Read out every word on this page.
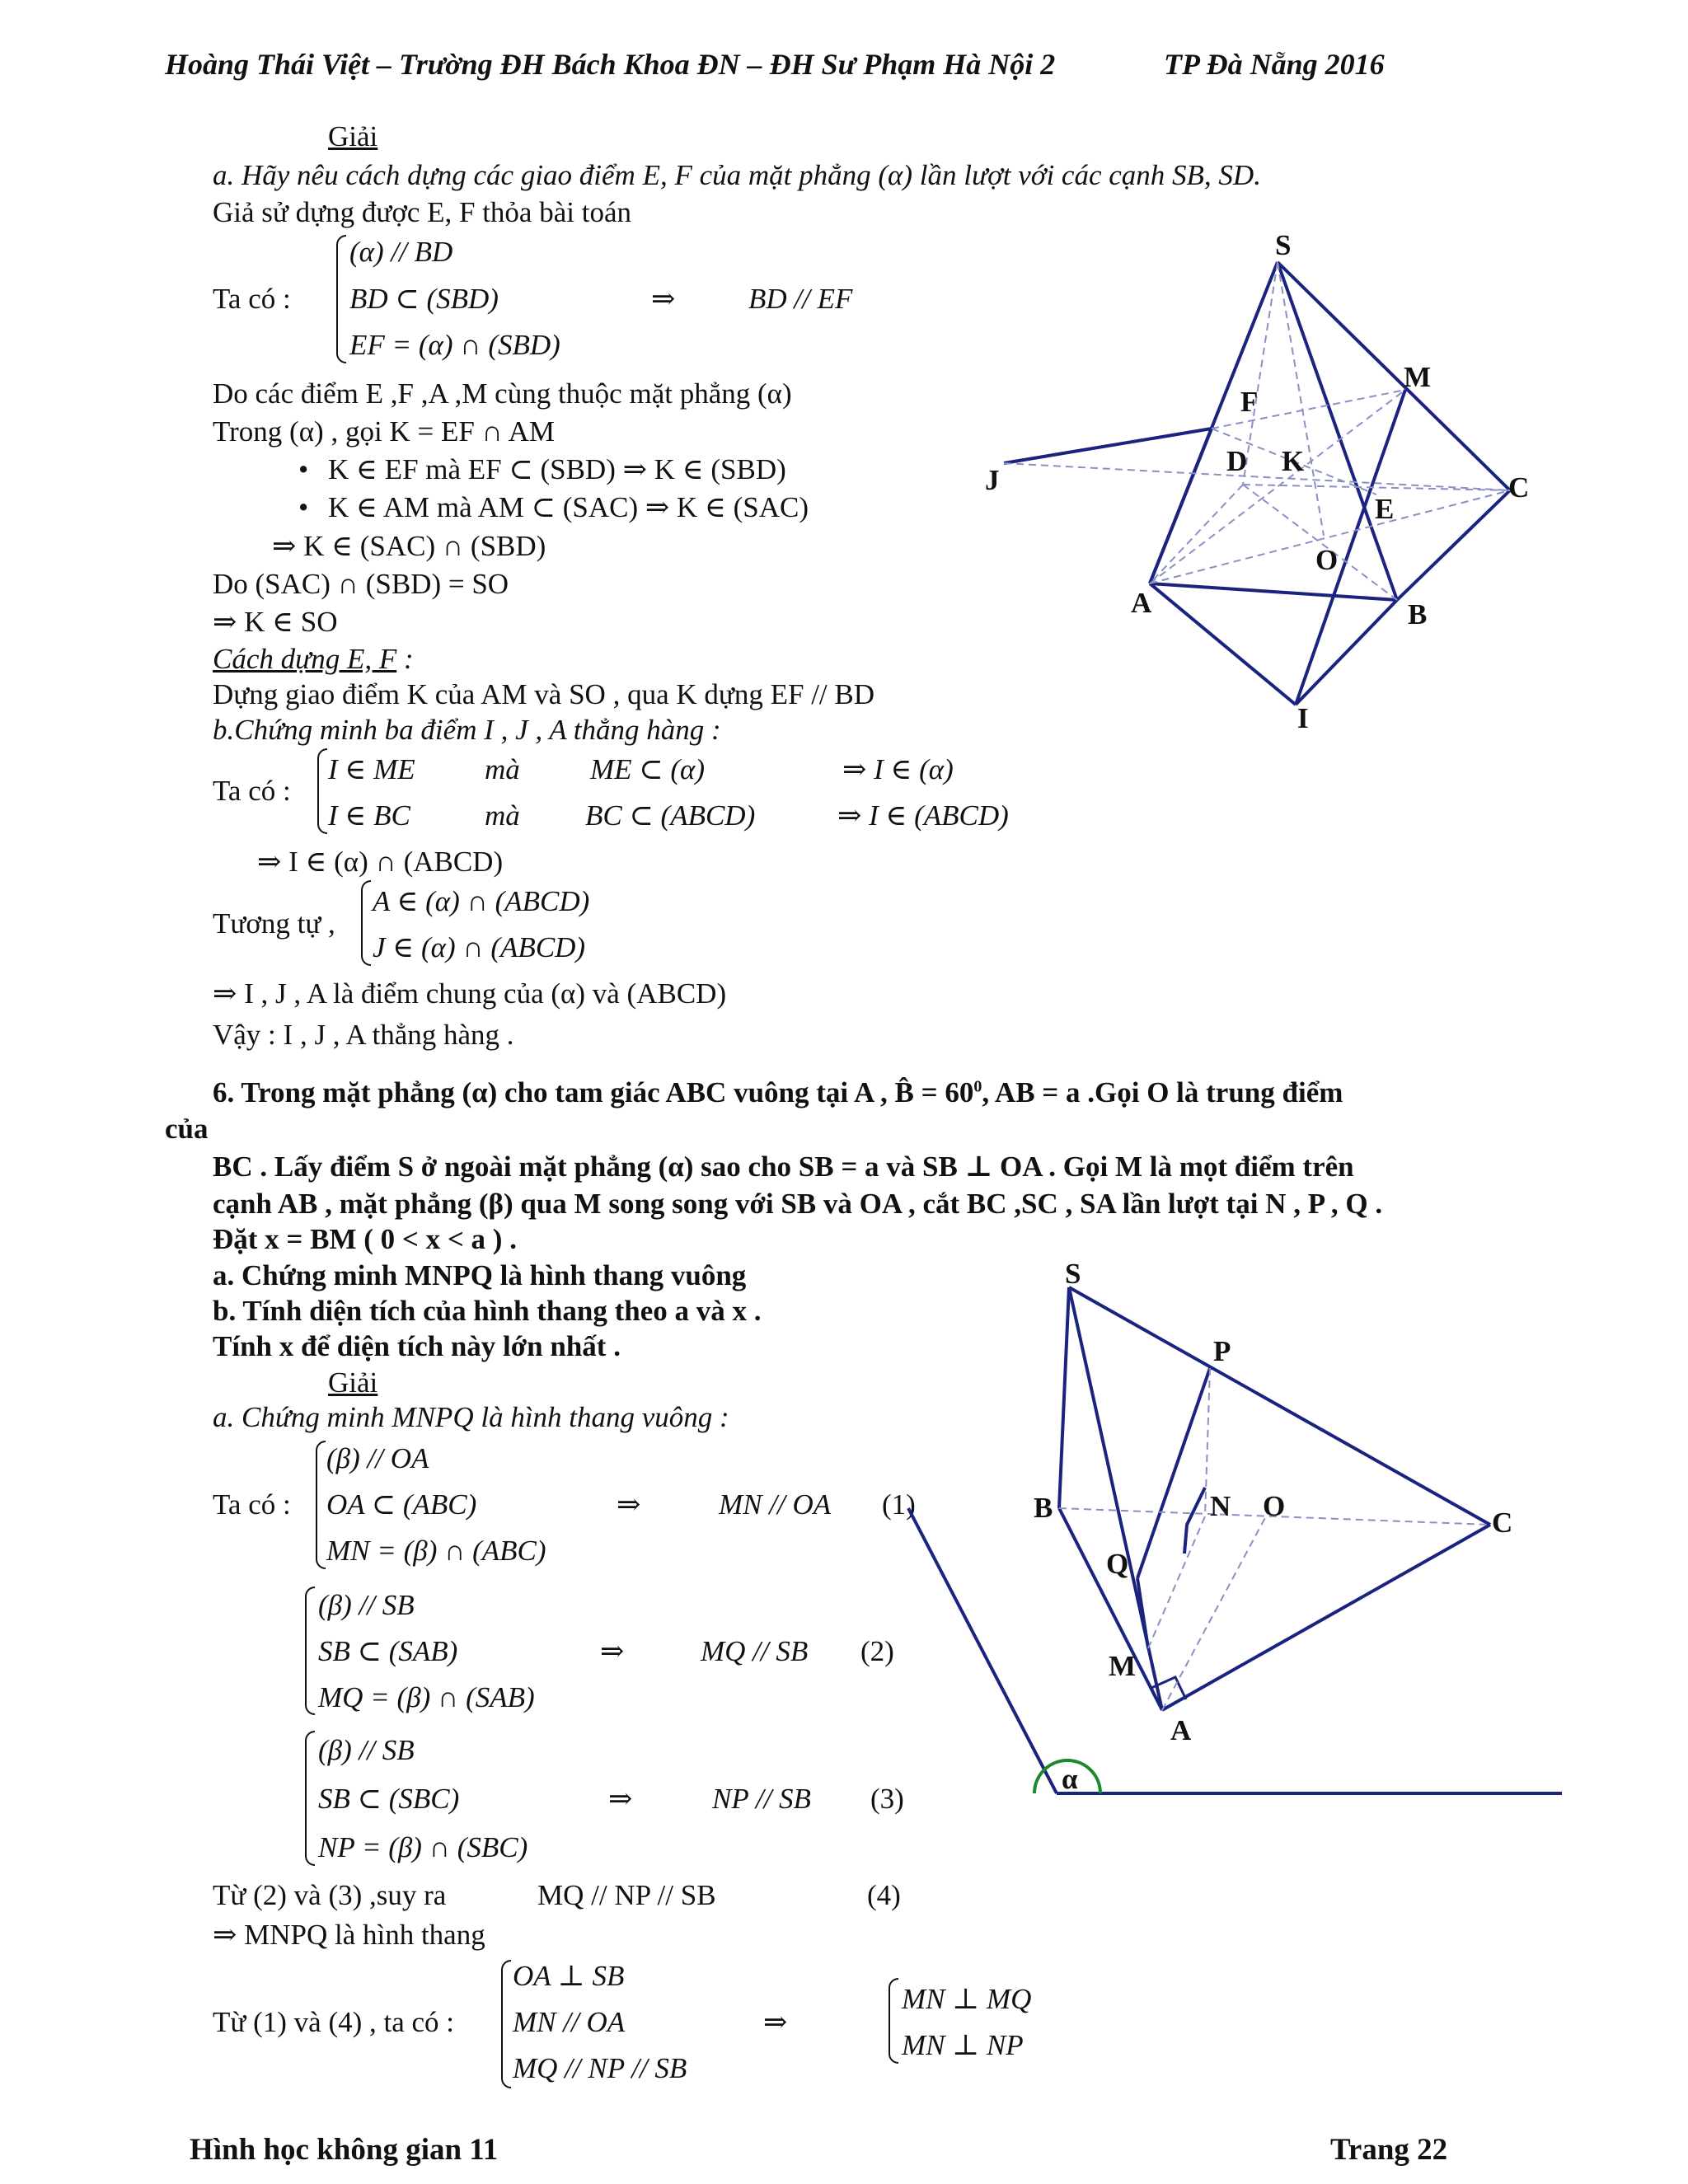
Hoàng Thái Việt – Trường ĐH Bách Khoa ĐN – ĐH Sư Phạm Hà Nội 2	TP Đà Nẵng 2016
Giải
a. Hãy nêu cách dựng các giao điểm E, F của mặt phẳng (α) lần lượt với các cạnh SB, SD.
Giả sử dựng được E, F thỏa bài toán
Ta có :
(α) // BD
BD ⊂ (SBD)
EF = (α) ∩ (SBD)
⇒	BD // EF
Do các điểm E ,F ,A ,M cùng thuộc mặt phẳng (α)
Trong (α) , gọi K = EF ∩ AM
• K ∈ EF mà EF ⊂ (SBD) ⇒ K ∈ (SBD)
• K ∈ AM mà AM ⊂ (SAC) ⇒ K ∈ (SAC)
⇒ K ∈ (SAC) ∩ (SBD)
Do (SAC) ∩ (SBD) = SO
⇒ K ∈ SO
Cách dựng E, F :
Dựng giao điểm K của AM và SO , qua K dựng EF // BD
b.Chứng minh ba điểm I , J , A thẳng hàng :
Ta có :
I ∈ ME mà ME ⊂ (α)	⇒ I ∈ (α)
I ∈ BC	mà BC ⊂ (ABCD)	⇒ I ∈ (ABCD)
⇒ I ∈ (α) ∩ (ABCD)
Tương tự ,
A ∈ (α) ∩ (ABCD)
J ∈ (α) ∩ (ABCD)
⇒ I , J , A là điểm chung của (α) và (ABCD)
Vậy : I , J , A thẳng hàng .
S
M
F
D K
C
J
E
O
A	B
I
6. Trong mặt phẳng (α) cho tam giác ABC vuông tại A , B̂ = $60^0$, AB = a .Gọi O là trung điểm
của
BC . Lấy điểm S ở ngoài mặt phẳng (α) sao cho SB = a và SB ⊥ OA . Gọi M là mọt điểm trên
cạnh AB , mặt phẳng (β) qua M song song với SB và OA , cắt BC ,SC , SA lần lượt tại N , P , Q .
Đặt x = BM ( 0 < x < a ) .
a. Chứng minh MNPQ là hình thang vuông
b. Tính diện tích của hình thang theo a và x .
Tính x để diện tích này lớn nhất .
Giải
a. Chứng minh MNPQ là hình thang vuông :
Ta có :
(β) // OA
OA ⊂ (ABC)
MN = (β) ∩ (ABC)
⇒	MN // OA (1)
(β) // SB
SB ⊂ (SAB)
MQ = (β) ∩ (SAB)
⇒	MQ // SB (2)
(β) // SB
SB ⊂ (SBC)
NP = (β) ∩ (SBC)
⇒	NP // SB (3)
Từ (2) và (3) ,suy ra	MQ // NP // SB	(4)
⇒ MNPQ là hình thang
Từ (1) và (4) , ta có :
OA ⊥ SB
MN // OA
MQ // NP // SB
⇒
MN ⊥ MQ
MN ⊥ NP
S
P
B	N O
C
Q
M
A
α
Hình học không gian 11	Trang 22
